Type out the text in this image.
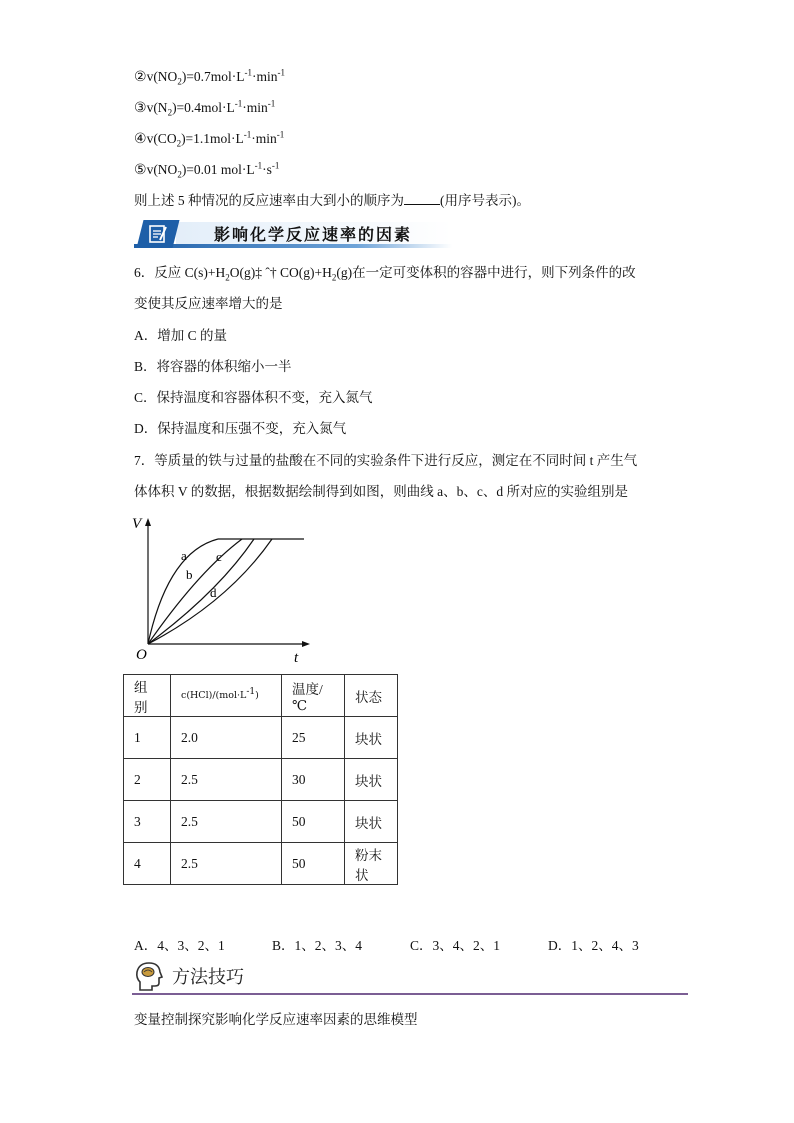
$②v(NO_2)=0.7mol\cdot L^{-1}\cdot\min^{-1}$
$③v(N_2)=0.4mol\cdot L^{-1}\cdot\min^{-1}$
$④v(CO_2)=1.1mol\cdot L^{-1}\cdot\min^{-1}$
$⑤v(NO_2)=0.01$ $mol\cdot L^{-1}\cdot s^{-1}$
则上述 5 种情况的反应速率由大到小的顺序为	(用序号表示)。
影响化学反应速率的因素
6．反应 $C(s)+H_2O(g)\ddagger$ ˆ† $CO(g)+H_2(g)$在一定可变体积的容器中进行，则下列条件的改
变使其反应速率增大的是
A．增加 C 的量
B．将容器的体积缩小一半
C．保持温度和容器体积不变，充入氮气
D．保持温度和压强不变，充入氮气
7．等质量的铁与过量的盐酸在不同的实验条件下进行反应，测定在不同时间 t 产生气
体体积 V 的数据，根据数据绘制得到如图，则曲线 a、b、c、d 所对应的实验组别是
V
t
O
a
b
c
d
组别	$c(HCl)/(mol\cdot L^{-1})$	温度/℃	状态
1	2.0	25	块状
2	2.5	30	块状
3	2.5	50	块状
4	2.5	50	粉末状
A．4、3、2、1	B．1、2、3、4	C．3、4、2、1	D．1、2、4、3
方法技巧
变量控制探究影响化学反应速率因素的思维模型
